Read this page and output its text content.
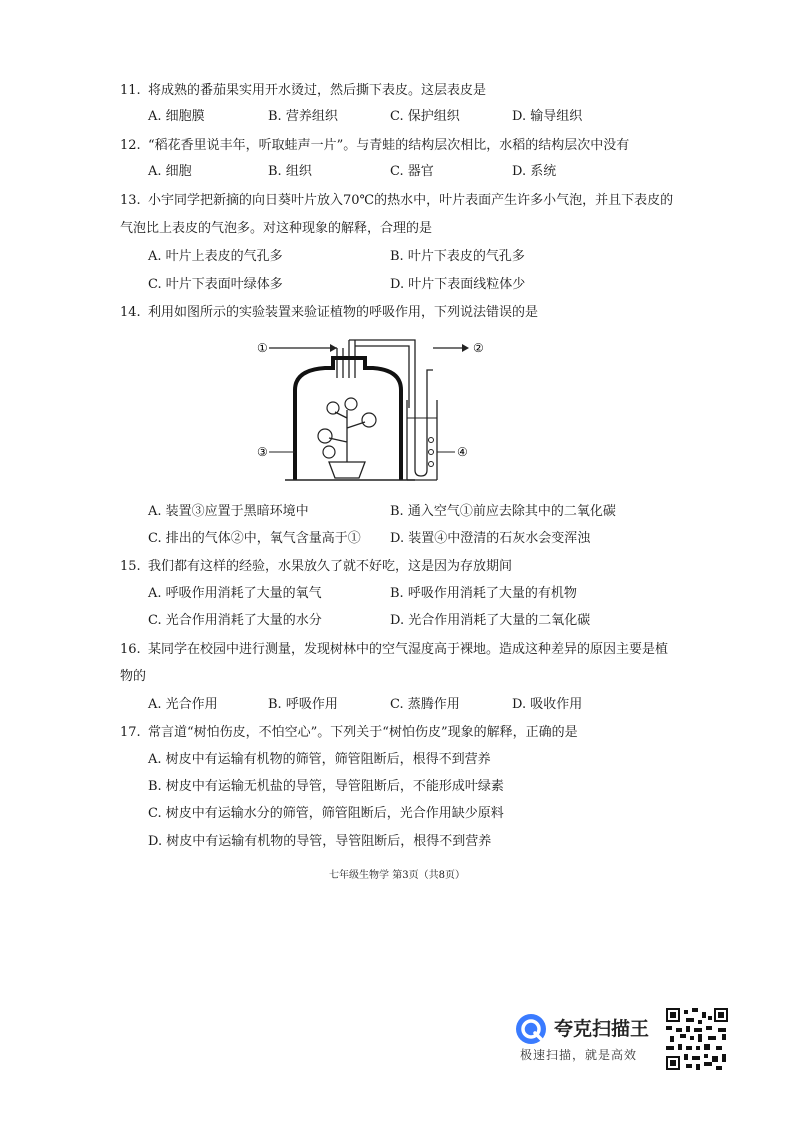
11. 将成熟的番茄果实用开水烫过，然后撕下表皮。这层表皮是
A. 细胞膜	B. 营养组织	C. 保护组织	D. 输导组织
12. “稻花香里说丰年，听取蛙声一片”。与青蛙的结构层次相比，水稻的结构层次中没有
A. 细胞	B. 组织	C. 器官	D. 系统
13. 小宇同学把新摘的向日葵叶片放入70℃的热水中，叶片表面产生许多小气泡，并且下表皮的
气泡比上表皮的气泡多。对这种现象的解释，合理的是
A. 叶片上表皮的气孔多	B. 叶片下表皮的气孔多
C. 叶片下表面叶绿体多	D. 叶片下表面线粒体少
14. 利用如图所示的实验装置来验证植物的呼吸作用，下列说法错误的是
①	②
③	④
A. 装置③应置于黑暗环境中	B. 通入空气①前应去除其中的二氧化碳
C. 排出的气体②中，氧气含量高于① D. 装置④中澄清的石灰水会变浑浊
15. 我们都有这样的经验，水果放久了就不好吃，这是因为存放期间
A. 呼吸作用消耗了大量的氧气	B. 呼吸作用消耗了大量的有机物
C. 光合作用消耗了大量的水分	D. 光合作用消耗了大量的二氧化碳
16. 某同学在校园中进行测量，发现树林中的空气湿度高于裸地。造成这种差异的原因主要是植
物的
A. 光合作用	B. 呼吸作用	C. 蒸腾作用	D. 吸收作用
17. 常言道“树怕伤皮，不怕空心”。下列关于“树怕伤皮”现象的解释，正确的是
A. 树皮中有运输有机物的筛管，筛管阻断后，根得不到营养
B. 树皮中有运输无机盐的导管，导管阻断后，不能形成叶绿素
C. 树皮中有运输水分的筛管，筛管阻断后，光合作用缺少原料
D. 树皮中有运输有机物的导管，导管阻断后，根得不到营养
七年级生物学 第3页（共8页）
夸克扫描王
极速扫描，就是高效
